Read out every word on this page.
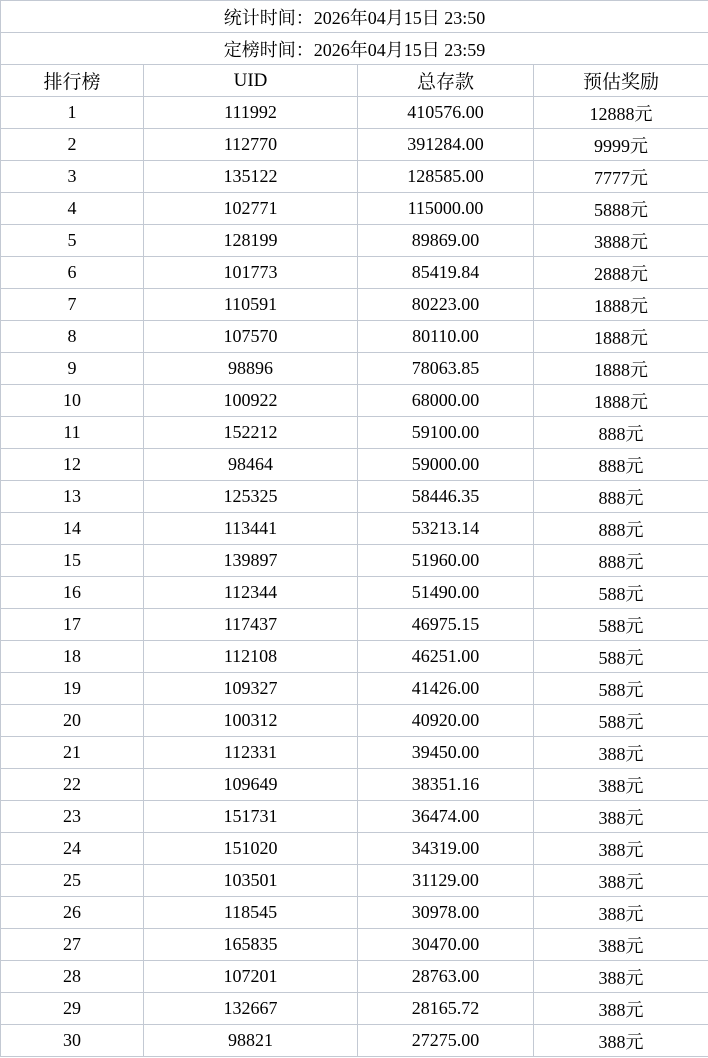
统计时间：2026年04月15日 23:50			
定榜时间：2026年04月15日 23:59			
排行榜	UID	总存款	预估奖励
1	111992	410576.00	12888元
2	112770	391284.00	9999元
3	135122	128585.00	7777元
4	102771	115000.00	5888元
5	128199	89869.00	3888元
6	101773	85419.84	2888元
7	110591	80223.00	1888元
8	107570	80110.00	1888元
9	98896	78063.85	1888元
10	100922	68000.00	1888元
11	152212	59100.00	888元
12	98464	59000.00	888元
13	125325	58446.35	888元
14	113441	53213.14	888元
15	139897	51960.00	888元
16	112344	51490.00	588元
17	117437	46975.15	588元
18	112108	46251.00	588元
19	109327	41426.00	588元
20	100312	40920.00	588元
21	112331	39450.00	388元
22	109649	38351.16	388元
23	151731	36474.00	388元
24	151020	34319.00	388元
25	103501	31129.00	388元
26	118545	30978.00	388元
27	165835	30470.00	388元
28	107201	28763.00	388元
29	132667	28165.72	388元
30	98821	27275.00	388元
